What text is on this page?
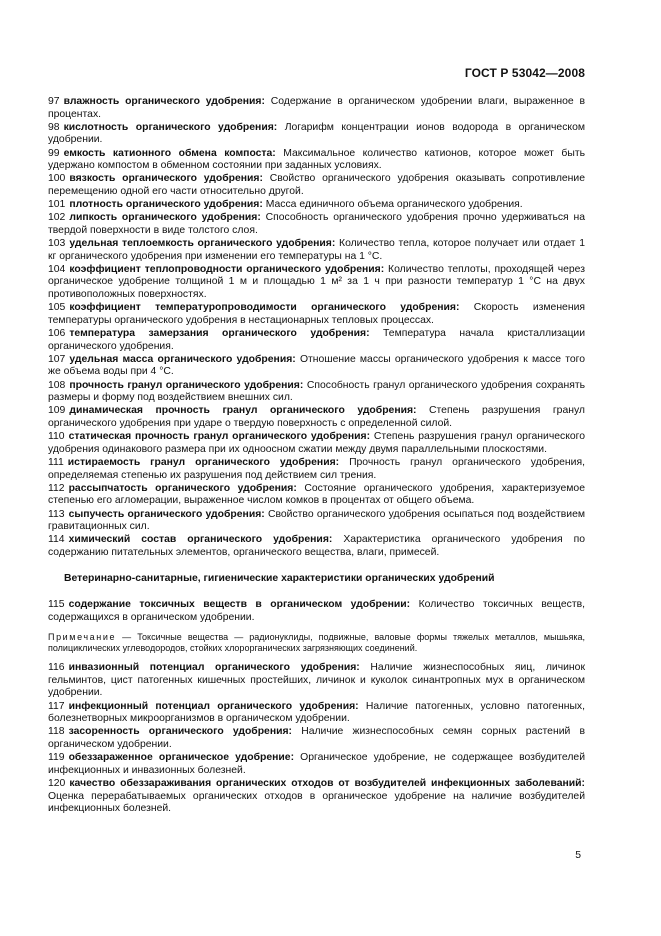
ГОСТ Р 53042—2008
97 влажность органического удобрения: Содержание в органическом удобрении влаги, выраженное в процентах.
98 кислотность органического удобрения: Логарифм концентрации ионов водорода в органическом удобрении.
99 емкость катионного обмена компоста: Максимальное количество катионов, которое может быть удержано компостом в обменном состоянии при заданных условиях.
100 вязкость органического удобрения: Свойство органического удобрения оказывать сопротивление перемещению одной его части относительно другой.
101 плотность органического удобрения: Масса единичного объема органического удобрения.
102 липкость органического удобрения: Способность органического удобрения прочно удерживаться на твердой поверхности в виде толстого слоя.
103 удельная теплоемкость органического удобрения: Количество тепла, которое получает или отдает 1 кг органического удобрения при изменении его температуры на 1 °С.
104 коэффициент теплопроводности органического удобрения: Количество теплоты, проходящей через органическое удобрение толщиной 1 м и площадью 1 м² за 1 ч при разности температур 1 °С на двух противоположных поверхностях.
105 коэффициент температуропроводимости органического удобрения: Скорость изменения температуры органического удобрения в нестационарных тепловых процессах.
106 температура замерзания органического удобрения: Температура начала кристаллизации органического удобрения.
107 удельная масса органического удобрения: Отношение массы органического удобрения к массе того же объема воды при 4 °С.
108 прочность гранул органического удобрения: Способность гранул органического удобрения сохранять размеры и форму под воздействием внешних сил.
109 динамическая прочность гранул органического удобрения: Степень разрушения гранул органического удобрения при ударе о твердую поверхность с определенной силой.
110 статическая прочность гранул органического удобрения: Степень разрушения гранул органического удобрения одинакового размера при их одноосном сжатии между двумя параллельными плоскостями.
111 истираемость гранул органического удобрения: Прочность гранул органического удобрения, определяемая степенью их разрушения под действием сил трения.
112 рассыпчатость органического удобрения: Состояние органического удобрения, характеризуемое степенью его агломерации, выраженное числом комков в процентах от общего объема.
113 сыпучесть органического удобрения: Свойство органического удобрения осыпаться под воздействием гравитационных сил.
114 химический состав органического удобрения: Характеристика органического удобрения по содержанию питательных элементов, органического вещества, влаги, примесей.
Ветеринарно-санитарные, гигиенические характеристики органических удобрений
115 содержание токсичных веществ в органическом удобрении: Количество токсичных веществ, содержащихся в органическом удобрении.
Примечание — Токсичные вещества — радионуклиды, подвижные, валовые формы тяжелых металлов, мышьяка, полициклических углеводородов, стойких хлорорганических загрязняющих соединений.
116 инвазионный потенциал органического удобрения: Наличие жизнеспособных яиц, личинок гельминтов, цист патогенных кишечных простейших, личинок и куколок синантропных мух в органическом удобрении.
117 инфекционный потенциал органического удобрения: Наличие патогенных, условно патогенных, болезнетворных микроорганизмов в органическом удобрении.
118 засоренность органического удобрения: Наличие жизнеспособных семян сорных растений в органическом удобрении.
119 обеззараженное органическое удобрение: Органическое удобрение, не содержащее возбудителей инфекционных и инвазионных болезней.
120 качество обеззараживания органических отходов от возбудителей инфекционных заболеваний: Оценка перерабатываемых органических отходов в органическое удобрение на наличие возбудителей инфекционных болезней.
5
